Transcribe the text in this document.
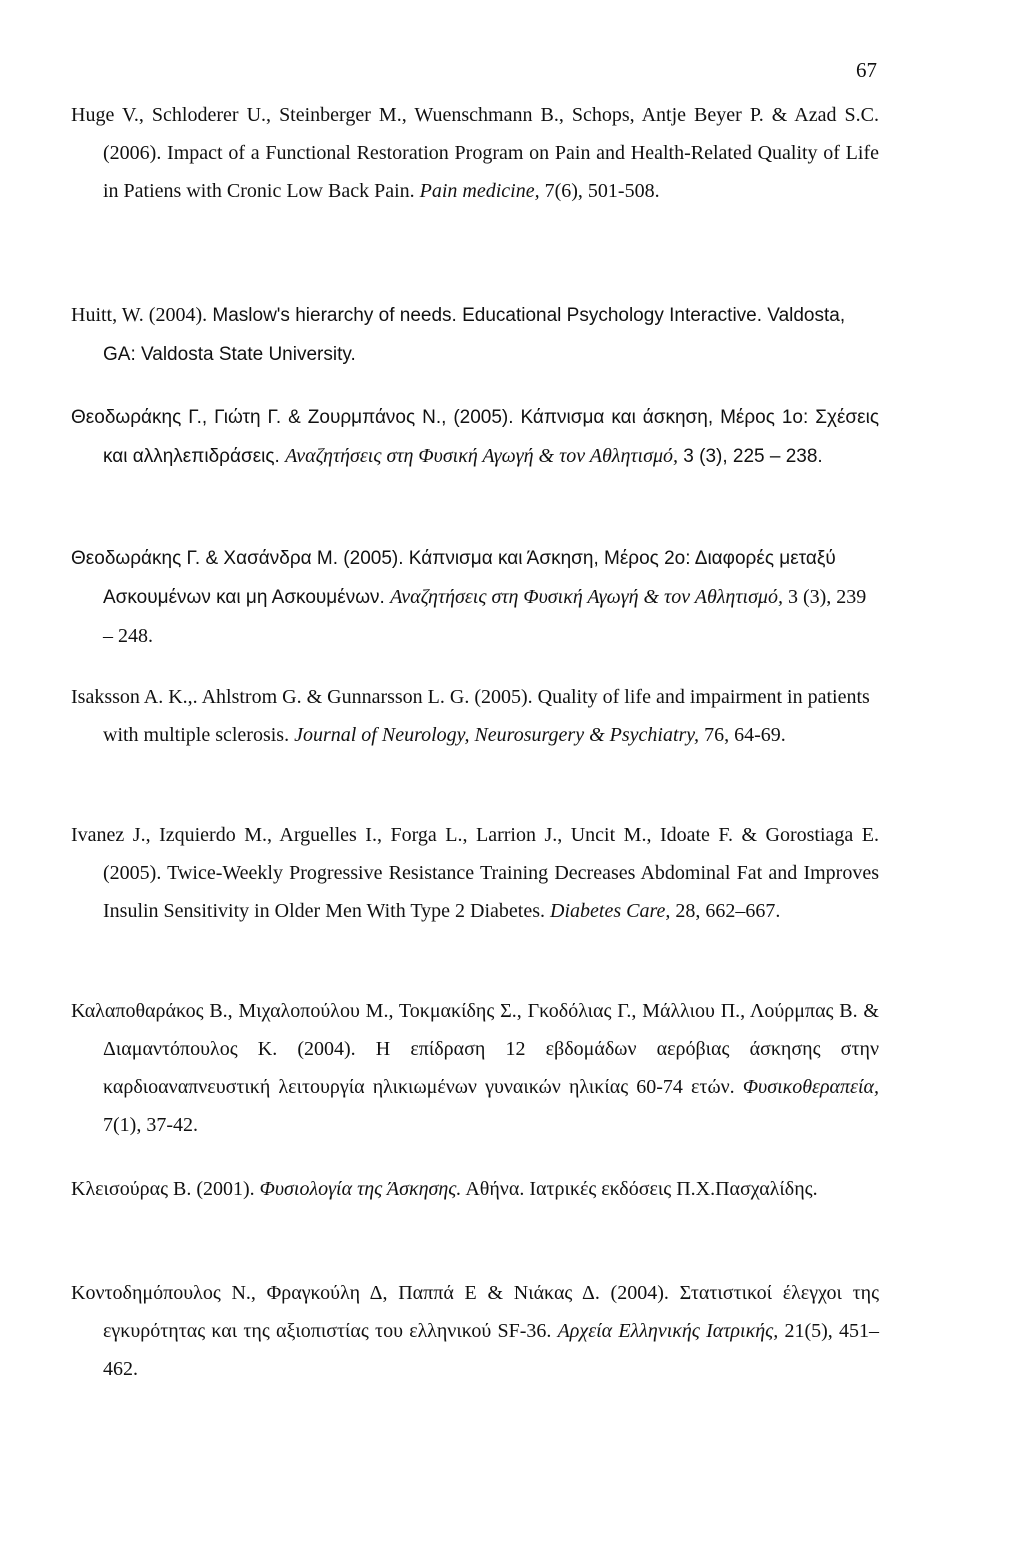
67
Huge V., Schloderer U., Steinberger M., Wuenschmann B., Schops, Antje Beyer P. & Azad S.C. (2006). Impact of a Functional Restoration Program on Pain and Health-Related Quality of Life in Patiens with Cronic Low Back Pain. Pain medicine, 7(6), 501-508.
Huitt, W. (2004). Maslow's hierarchy of needs. Educational Psychology Interactive. Valdosta, GA: Valdosta State University.
Θεοδωράκης Γ., Γιώτη Γ. & Ζουρμπάνος Ν., (2005). Κάπνισμα και άσκηση, Μέρος 1ο: Σχέσεις και αλληλεπιδράσεις. Αναζητήσεις στη Φυσική Αγωγή & τον Αθλητισμό, 3 (3), 225 – 238.
Θεοδωράκης Γ. & Χασάνδρα Μ. (2005). Κάπνισμα και Άσκηση, Μέρος 2ο: Διαφορές μεταξύ Ασκουμένων και μη Ασκουμένων. Αναζητήσεις στη Φυσική Αγωγή & τον Αθλητισμό, 3 (3), 239 – 248.
Isaksson A. K.,. Ahlstrom G. & Gunnarsson L. G. (2005). Quality of life and impairment in patients with multiple sclerosis. Journal of Neurology, Neurosurgery & Psychiatry, 76, 64-69.
Ivanez J., Izquierdo M., Arguelles I., Forga L., Larrion J., Uncit M., Idoate F. & Gorostiaga E. (2005). Twice-Weekly Progressive Resistance Training Decreases Abdominal Fat and Improves Insulin Sensitivity in Older Men With Type 2 Diabetes. Diabetes Care, 28, 662–667.
Καλαποθαράκος Β., Μιχαλοπούλου Μ., Τοκμακίδης Σ., Γκοδόλιας Γ., Μάλλιου Π., Λούρμπας Β. & Διαμαντόπουλος Κ. (2004). Η επίδραση 12 εβδομάδων αερόβιας άσκησης στην καρδιοαναπνευστική λειτουργία ηλικιωμένων γυναικών ηλικίας 60-74 ετών. Φυσικοθεραπεία, 7(1), 37-42.
Κλεισούρας Β. (2001). Φυσιολογία της Άσκησης. Αθήνα. Ιατρικές εκδόσεις Π.Χ.Πασχαλίδης.
Κοντοδημόπουλος Ν., Φραγκούλη Δ, Παππά Ε & Νιάκας Δ. (2004). Στατιστικοί έλεγχοι της εγκυρότητας και της αξιοπιστίας του ελληνικού SF-36. Αρχεία Ελληνικής Ιατρικής, 21(5), 451–462.
